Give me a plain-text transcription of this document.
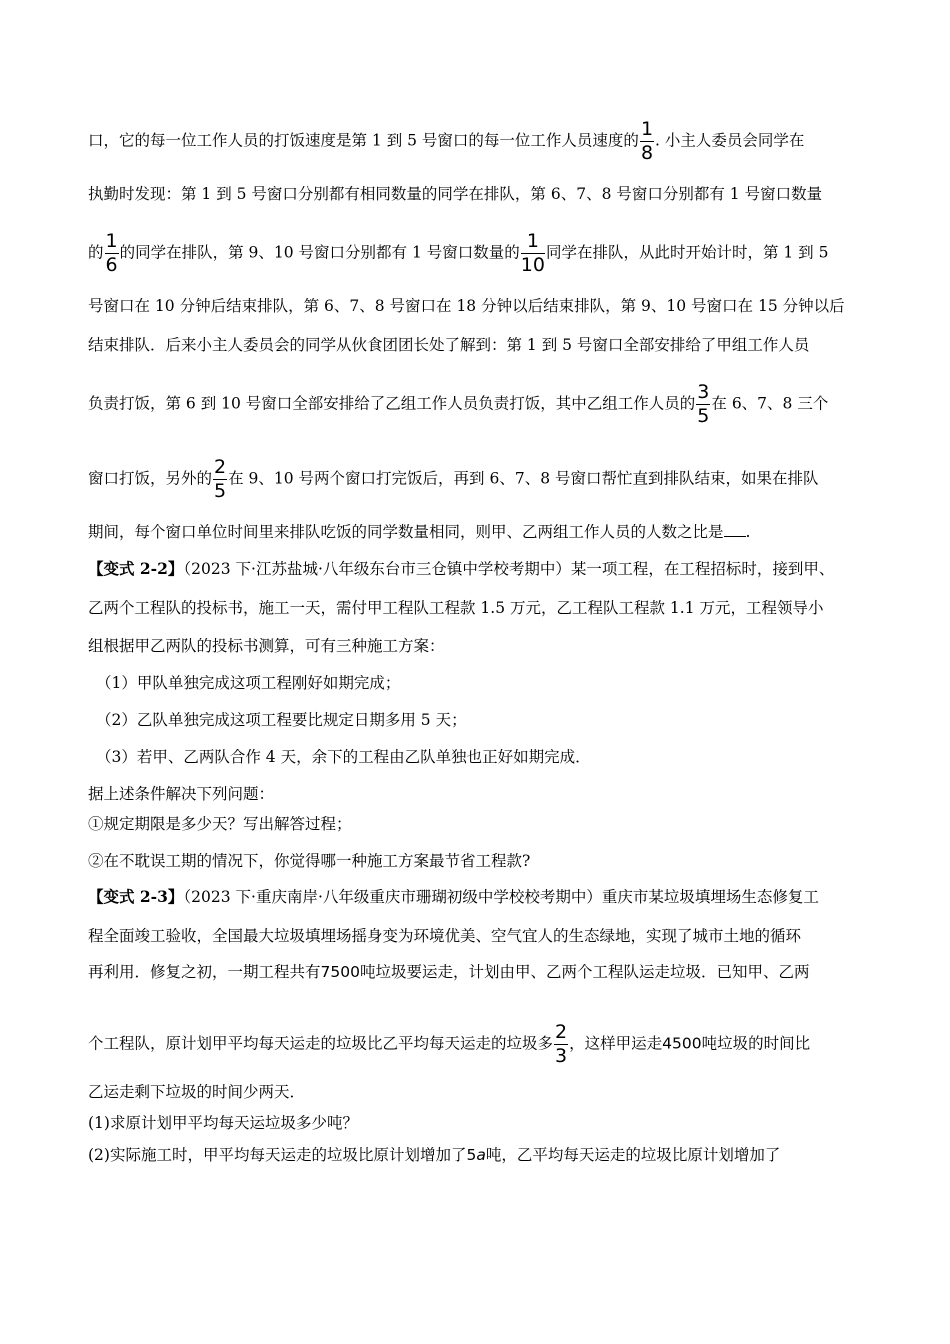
口，它的每一位工作人员的打饭速度是第 1 到 5 号窗口的每一位工作人员速度的 $\frac{1}{8}$ . 小主人委员会同学在
执勤时发现：第 1 到 5 号窗口分别都有相同数量的同学在排队，第 6、7、8 号窗口分别都有 1 号窗口数量
的 $\frac{1}{6}$ 的同学在排队，第 9、10 号窗口分别都有 1 号窗口数量的 $\frac{1}{10}$ 同学在排队，从此时开始计时，第 1 到 5
号窗口在 10 分钟后结束排队，第 6、7、8 号窗口在 18 分钟以后结束排队，第 9、10 号窗口在 15 分钟以后
结束排队．后来小主人委员会的同学从伙食团团长处了解到：第 1 到 5 号窗口全部安排给了甲组工作人员
负责打饭，第 6 到 10 号窗口全部安排给了乙组工作人员负责打饭，其中乙组工作人员的 $\frac{3}{5}$ 在 6、7、8 三个
窗口打饭，另外的 $\frac{2}{5}$ 在 9、10 号两个窗口打完饭后，再到 6、7、8 号窗口帮忙直到排队结束，如果在排队
期间，每个窗口单位时间里来排队吃饭的同学数量相同，则甲、乙两组工作人员的人数之比是 .
【变式 2-2】（2023 下·江苏盐城·八年级东台市三仓镇中学校考期中）某一项工程，在工程招标时，接到甲、
乙两个工程队的投标书，施工一天，需付甲工程队工程款 1.5 万元，乙工程队工程款 1.1 万元，工程领导小
组根据甲乙两队的投标书测算，可有三种施工方案：
（1）甲队单独完成这项工程刚好如期完成；
（2）乙队单独完成这项工程要比规定日期多用 5 天；
（3）若甲、乙两队合作 4 天，余下的工程由乙队单独也正好如期完成．
据上述条件解决下列问题：
①规定期限是多少天？写出解答过程；
②在不耽误工期的情况下，你觉得哪一种施工方案最节省工程款?
【变式 2-3】（2023 下·重庆南岸·八年级重庆市珊瑚初级中学校校考期中）重庆市某垃圾填埋场生态修复工
程全面竣工验收，全国最大垃圾填埋场摇身变为环境优美、空气宜人的生态绿地，实现了城市土地的循环
再利用．修复之初，一期工程共有7500吨垃圾要运走，计划由甲、乙两个工程队运走垃圾．已知甲、乙两
个工程队，原计划甲平均每天运走的垃圾比乙平均每天运走的垃圾多 $\frac{2}{3}$ ，这样甲运走4500吨垃圾的时间比
乙运走剩下垃圾的时间少两天．
(1)求原计划甲平均每天运垃圾多少吨？
(2)实际施工时，甲平均每天运走的垃圾比原计划增加了5a吨，乙平均每天运走的垃圾比原计划增加了
